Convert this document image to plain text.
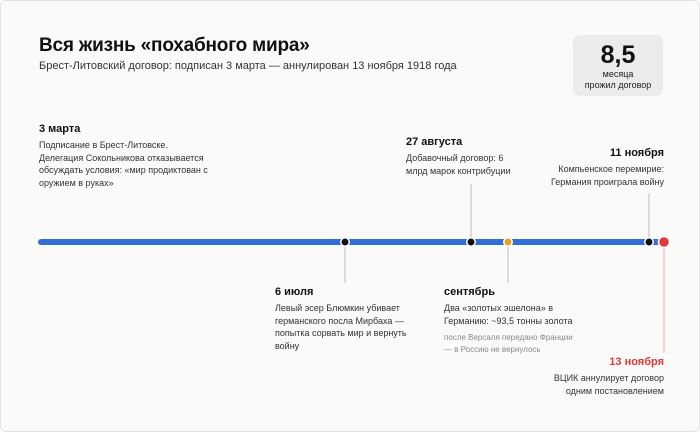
Вся жизнь «похабного мира»
Брест-Литовский договор: подписан 3 марта — аннулирован 13 ноября 1918 года	8,5
месяца
прожил договор
3 марта
Подписание в Брест-Литовске. Делегация Сокольникова отказывается обсуждать условия: «мир продиктован с оружием в руках»
27 августа
Добавочный договор: 6 млрд марок контрибуции
11 ноября
Компьенское перемирие: Германия проиграла войну
6 июля
Левый эсер Блюмкин убивает германского посла Мирбаха — попытка сорвать мир и вернуть войну
сентябрь
Два «золотых эшелона» в Германию: ~93,5 тонны золота
после Версаля передано Франции — в Россию не вернулось
13 ноября
ВЦИК аннулирует договор одним постановлением
